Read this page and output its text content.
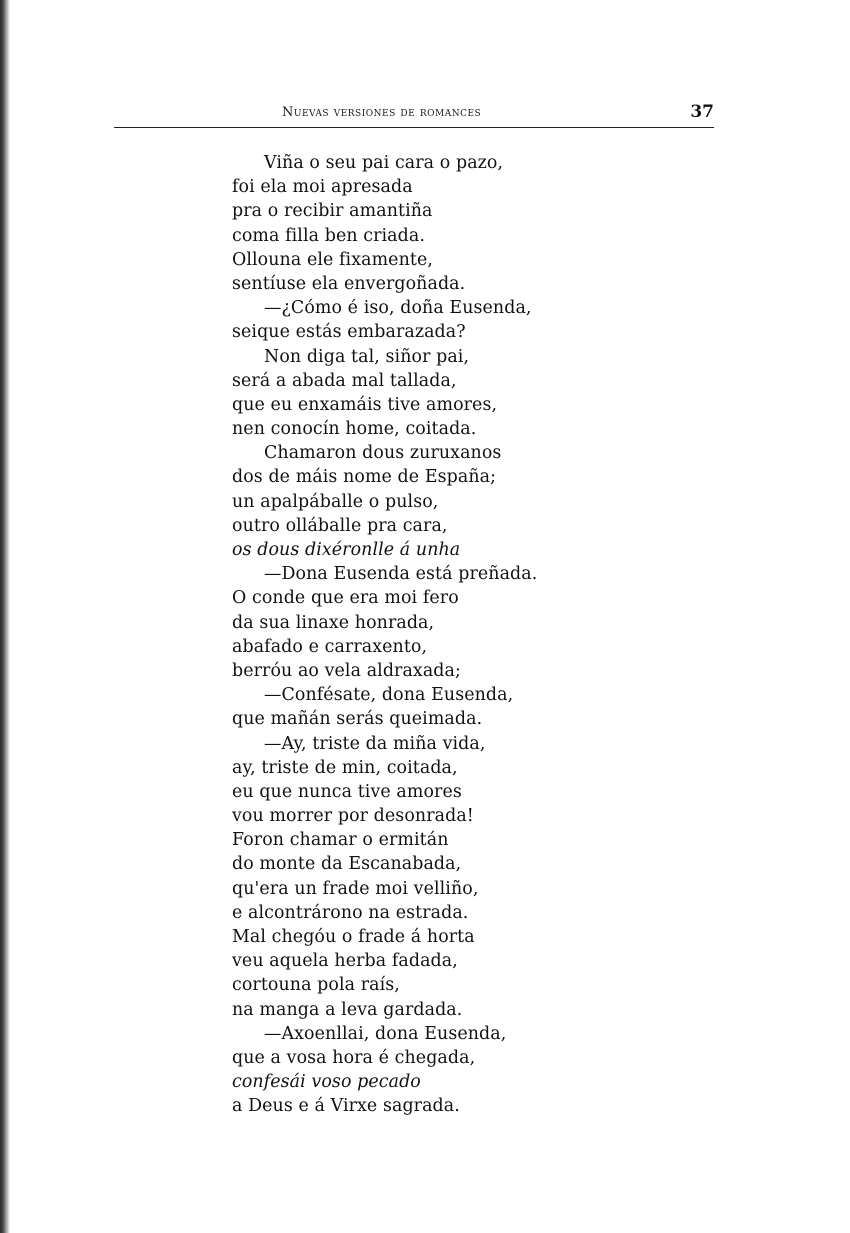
Nuevas versiones de romances	37
Viña o seu pai cara o pazo,
foi ela moi apresada
pra o recibir amantiña
coma filla ben criada.
Ollouna ele fixamente,
sentíuse ela envergoñada.
—¿Cómo é iso, doña Eusenda,
seique estás embarazada?
Non diga tal, siñor pai,
será a abada mal tallada,
que eu enxamáis tive amores,
nen conocín home, coitada.
Chamaron dous zuruxanos
dos de máis nome de España;
un apalpáballe o pulso,
outro olláballe pra cara,
os dous dixéronlle á unha
—Dona Eusenda está preñada.
O conde que era moi fero
da sua linaxe honrada,
abafado e carraxento,
berróu ao vela aldraxada;
—Confésate, dona Eusenda,
que mañán serás queimada.
—Ay, triste da miña vida,
ay, triste de min, coitada,
eu que nunca tive amores
vou morrer por desonrada!
Foron chamar o ermitán
do monte da Escanabada,
qu'era un frade moi velliño,
e alcontrárono na estrada.
Mal chegóu o frade á horta
veu aquela herba fadada,
cortouna pola raís,
na manga a leva gardada.
—Axoenllai, dona Eusenda,
que a vosa hora é chegada,
confesái voso pecado
a Deus e á Virxe sagrada.
